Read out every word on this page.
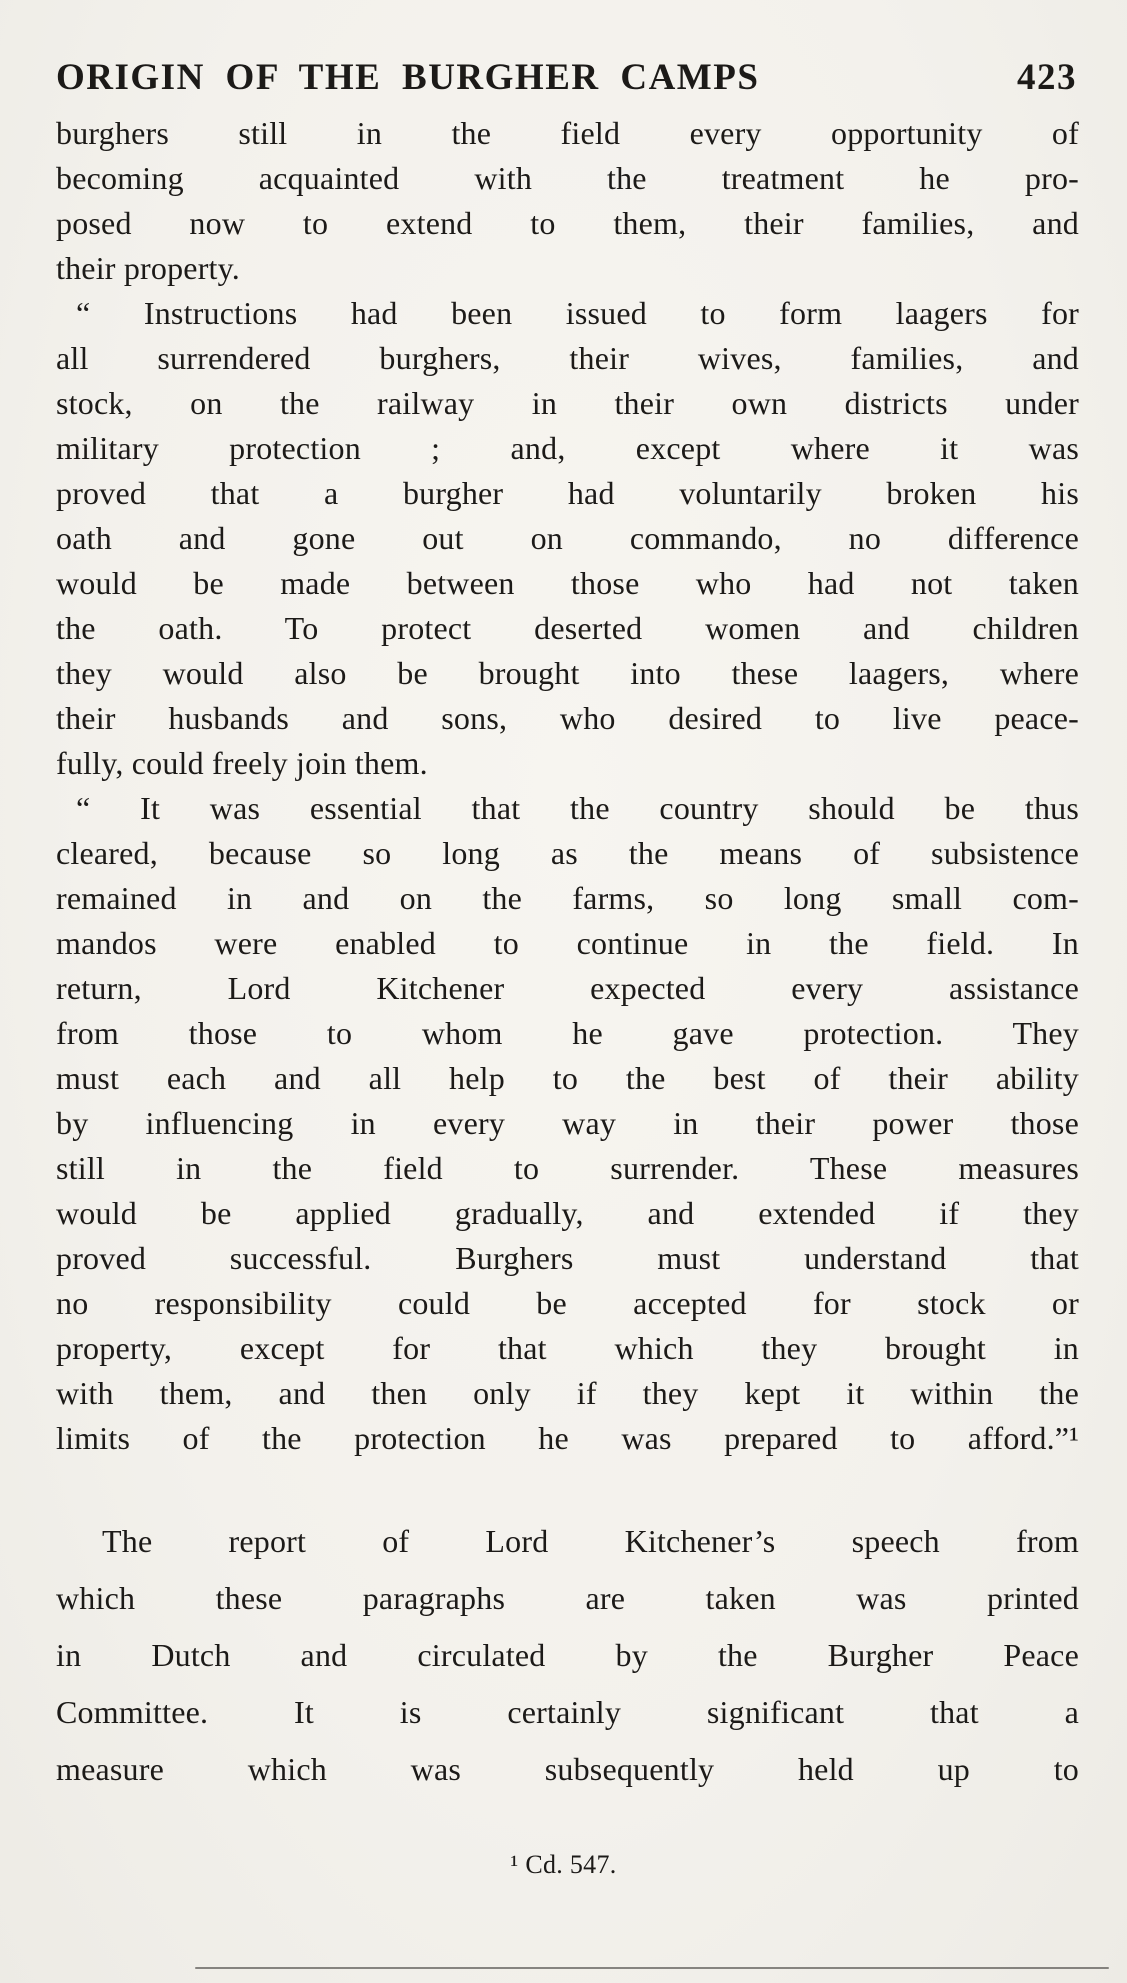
ORIGIN OF THE BURGHER CAMPS	423
burghers still in the field every opportunity of
becoming acquainted with the treatment he pro-
posed now to extend to them, their families, and
their property.
“ Instructions had been issued to form laagers for
all surrendered burghers, their wives, families, and
stock, on the railway in their own districts under
military protection ; and, except where it was
proved that a burgher had voluntarily broken his
oath and gone out on commando, no difference
would be made between those who had not taken
the oath. To protect deserted women and children
they would also be brought into these laagers, where
their husbands and sons, who desired to live peace-
fully, could freely join them.
“ It was essential that the country should be thus
cleared, because so long as the means of subsistence
remained in and on the farms, so long small com-
mandos were enabled to continue in the field. In
return, Lord Kitchener expected every assistance
from those to whom he gave protection. They
must each and all help to the best of their ability
by influencing in every way in their power those
still in the field to surrender. These measures
would be applied gradually, and extended if they
proved successful. Burghers must understand that
no responsibility could be accepted for stock or
property, except for that which they brought in
with them, and then only if they kept it within the
limits of the protection he was prepared to afford.”¹
The report of Lord Kitchener’s speech from
which these paragraphs are taken was printed
in Dutch and circulated by the Burgher Peace
Committee. It is certainly significant that a
measure which was subsequently held up to
¹ Cd. 547.
